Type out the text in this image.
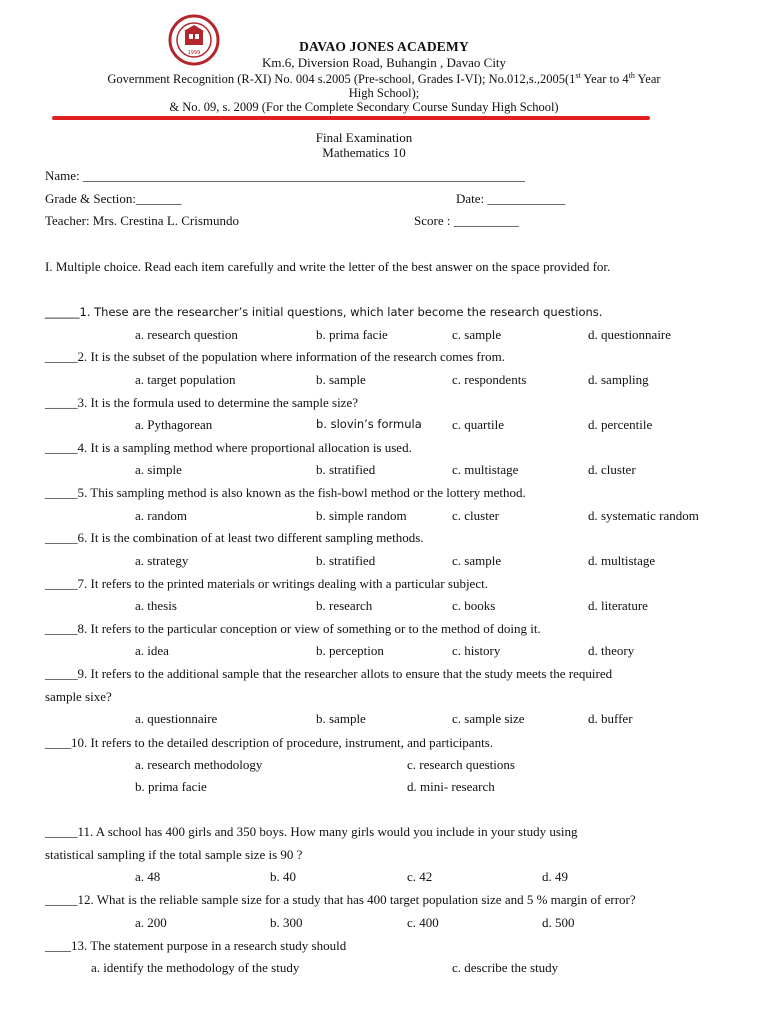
1999	DAVAO JONES ACADEMY
Km.6, Diversion Road, Buhangin , Davao City
Government Recognition (R-XI) No. 004 s.2005 (Pre-school, Grades I-VI); No.012,s.,2005(1st Year to 4th Year
High School);
& No. 09, s. 2009 (For the Complete Secondary Course Sunday High School)
Final Examination
Mathematics 10
Name: ____________________________________________________________________
Grade & Section:_______	Date: ____________
Teacher: Mrs. Crestina L. Crismundo	Score : __________
I. Multiple choice. Read each item carefully and write the letter of the best answer on the space provided for.
______1. These are the researcher’s initial questions, which later become the research questions.
a. research question	b. prima facie	c. sample	d. questionnaire
_____2. It is the subset of the population where information of the research comes from.
a. target population	b. sample	c. respondents	d. sampling
_____3. It is the formula used to determine the sample size?
a. Pythagorean	b. slovin’s formula c. quartile	d. percentile
_____4. It is a sampling method where proportional allocation is used.
a. simple	b. stratified	c. multistage	d. cluster
_____5. This sampling method is also known as the fish-bowl method or the lottery method.
a. random	b. simple random	c. cluster	d. systematic random
_____6. It is the combination of at least two different sampling methods.
a. strategy	b. stratified	c. sample	d. multistage
_____7. It refers to the printed materials or writings dealing with a particular subject.
a. thesis	b. research	c. books	d. literature
_____8. It refers to the particular conception or view of something or to the method of doing it.
a. idea	b. perception	c. history	d. theory
_____9. It refers to the additional sample that the researcher allots to ensure that the study meets the required
sample sixe?
a. questionnaire	b. sample	c. sample size	d. buffer
____10. It refers to the detailed description of procedure, instrument, and participants.
a. research methodology	c. research questions
b. prima facie	d. mini- research
_____11. A school has 400 girls and 350 boys. How many girls would you include in your study using
statistical sampling if the total sample size is 90 ?
a. 48	b. 40	c. 42	d. 49
_____12. What is the reliable sample size for a study that has 400 target population size and 5 % margin of error?
a. 200	b. 300	c. 400	d. 500
____13. The statement purpose in a research study should
a. identify the methodology of the study	c. describe the study
